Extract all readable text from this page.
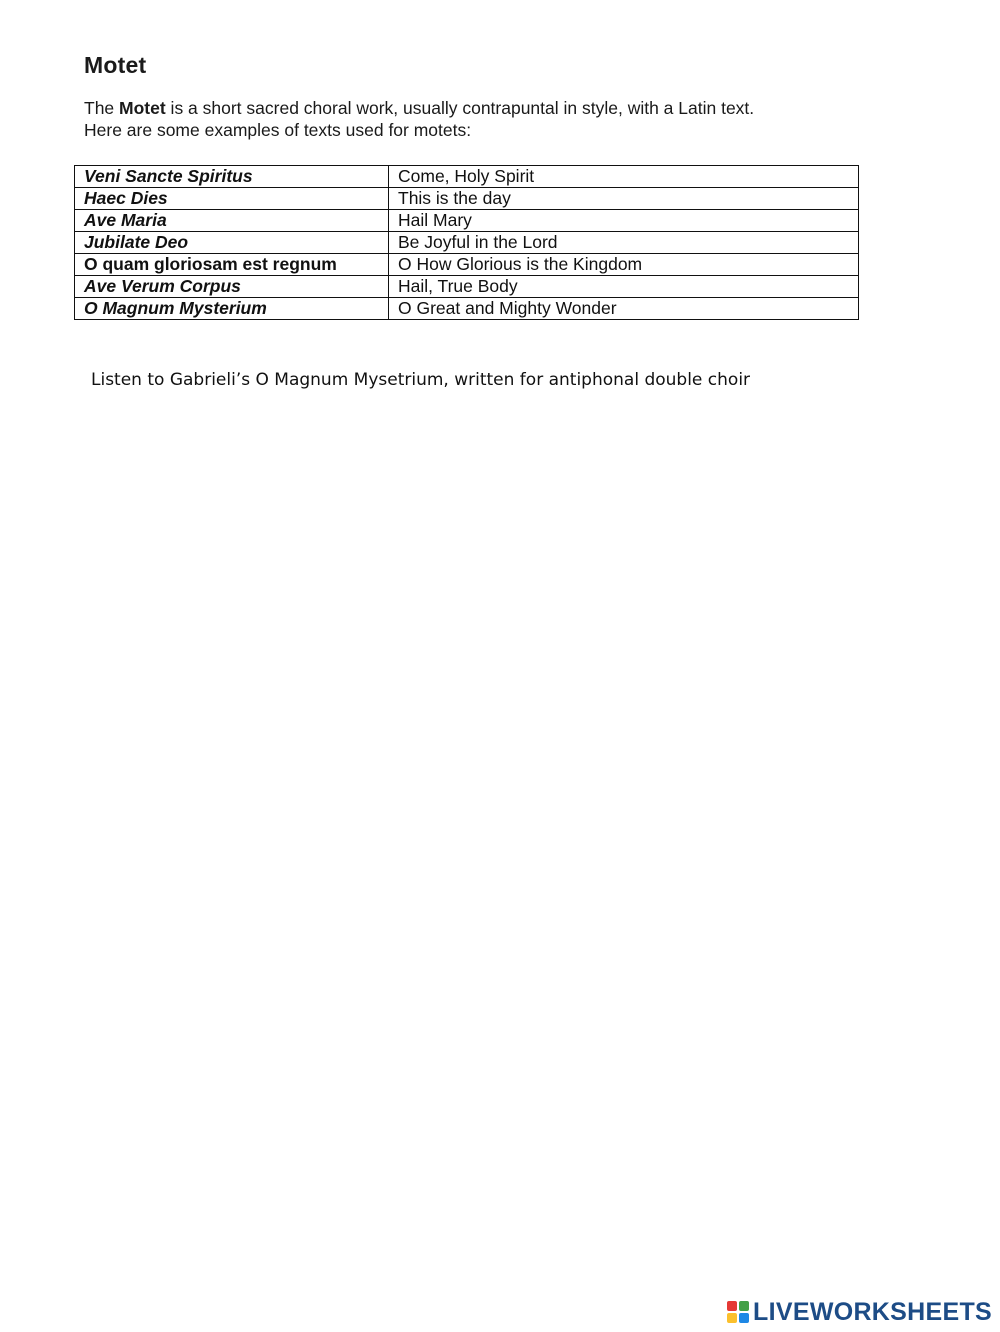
Motet
The Motet is a short sacred choral work, usually contrapuntal in style, with a Latin text.
Here are some examples of texts used for motets:
Veni Sancte Spiritus	Come, Holy Spirit
Haec Dies	This is the day
Ave Maria	Hail Mary
Jubilate Deo	Be Joyful in the Lord
O quam gloriosam est regnum	O How Glorious is the Kingdom
Ave Verum Corpus	Hail, True Body
O Magnum Mysterium	O Great and Mighty Wonder
Listen to Gabrieli’s O Magnum Mysetrium, written for antiphonal double choir
LIVEWORKSHEETS
